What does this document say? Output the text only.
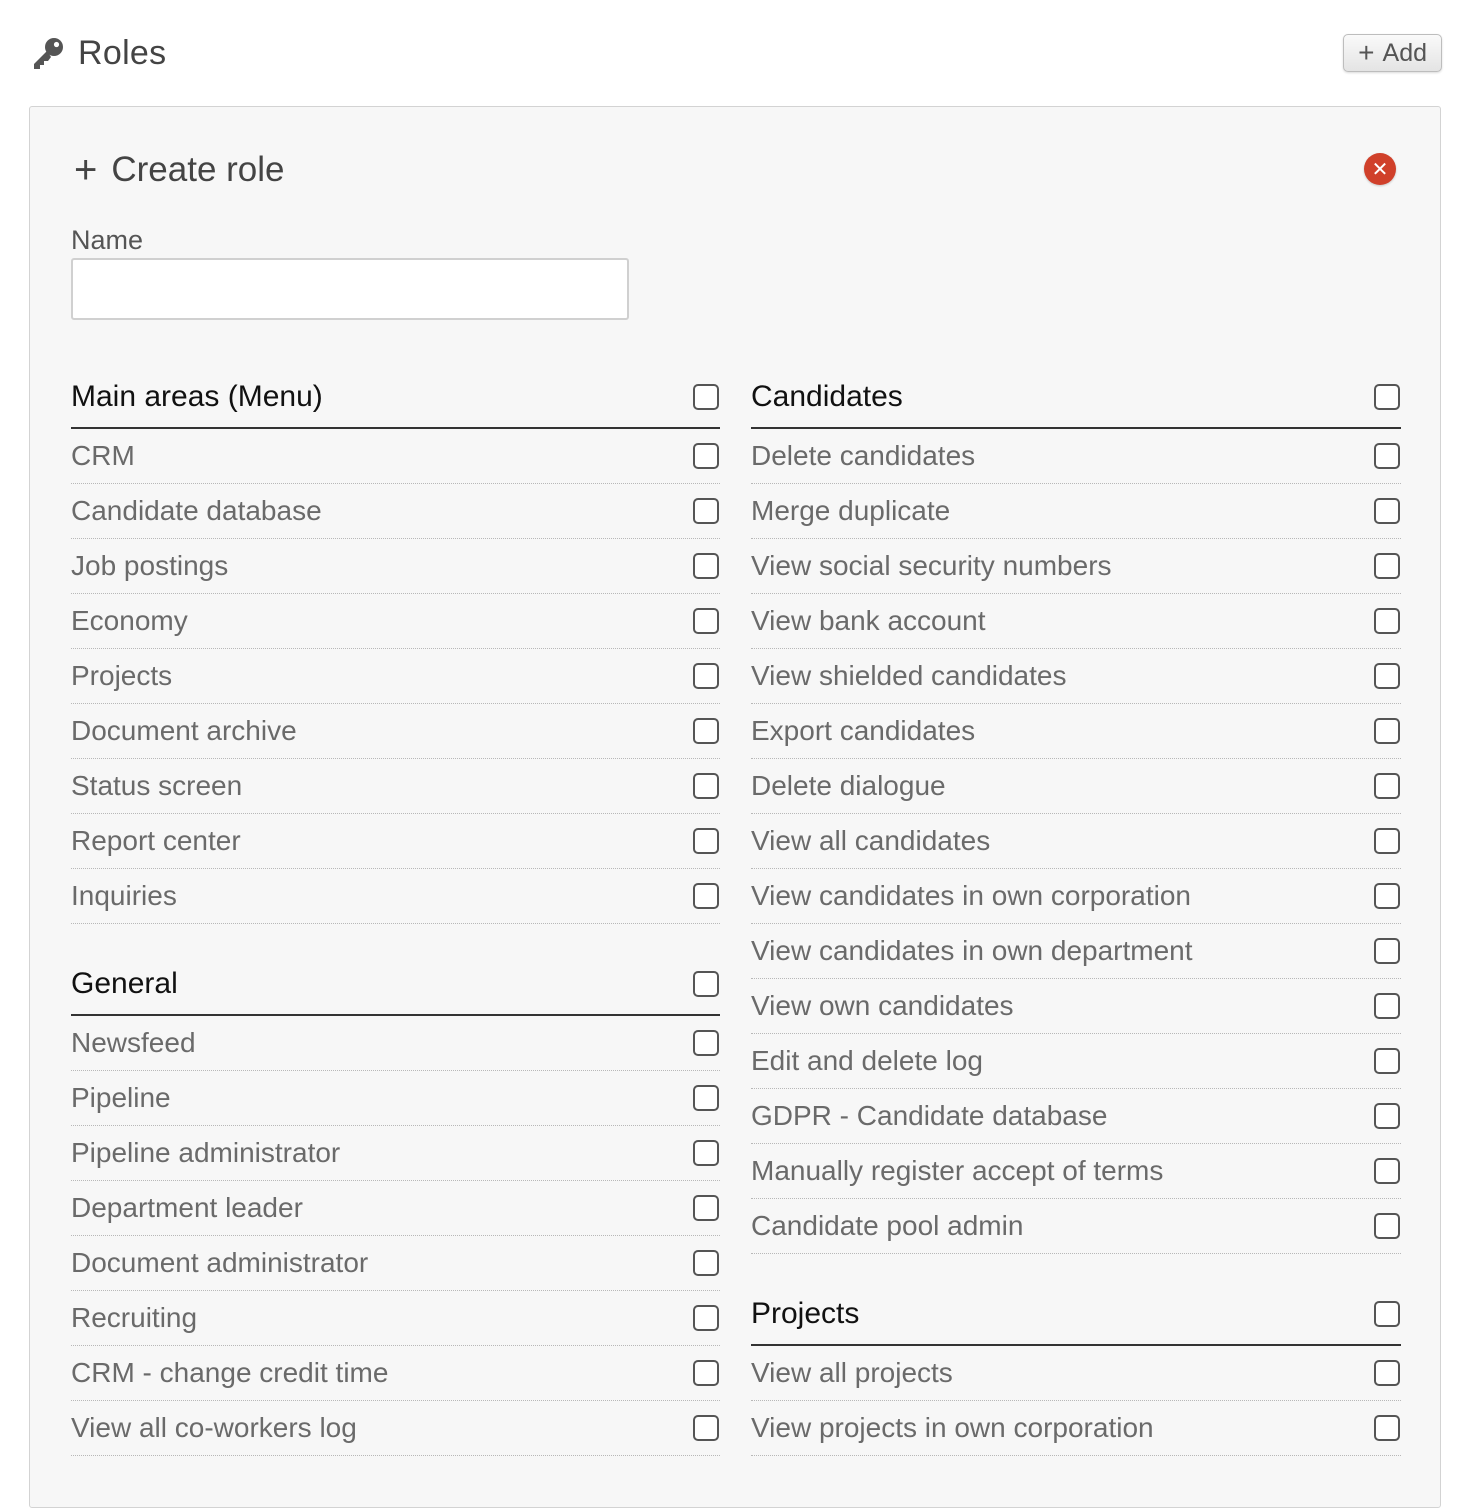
Roles	+ Add
+ Create role	✕
Name
Main areas (Menu)
CRM
Candidate database
Job postings
Economy
Projects
Document archive
Status screen
Report center
Inquiries
General
Newsfeed
Pipeline
Pipeline administrator
Department leader
Document administrator
Recruiting
CRM - change credit time
View all co-workers log
Candidates
Delete candidates
Merge duplicate
View social security numbers
View bank account
View shielded candidates
Export candidates
Delete dialogue
View all candidates
View candidates in own corporation
View candidates in own department
View own candidates
Edit and delete log
GDPR - Candidate database
Manually register accept of terms
Candidate pool admin
Projects
View all projects
View projects in own corporation
